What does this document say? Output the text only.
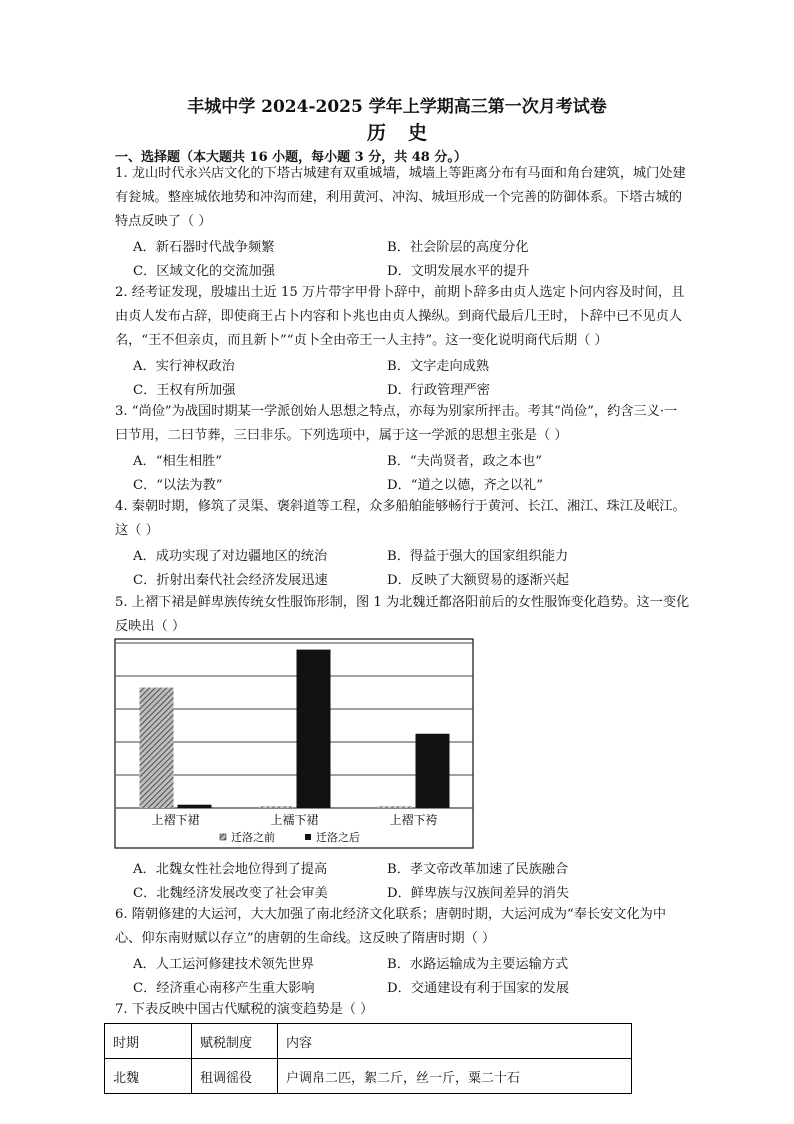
丰城中学 2024-2025 学年上学期高三第一次月考试卷
历史
一、选择题（本大题共 16 小题，每小题 3 分，共 48 分。）
1. 龙山时代永兴店文化的下塔古城建有双重城墙，城墙上等距离分布有马面和角台建筑，城门处建有瓮城。整座城依地势和冲沟而建，利用黄河、冲沟、城垣形成一个完善的防御体系。下塔古城的特点反映了（ ）
A．新石器时代战争频繁	B．社会阶层的高度分化
C．区域文化的交流加强	D．文明发展水平的提升
2. 经考证发现，殷墟出土近 15 万片带字甲骨卜辞中，前期卜辞多由贞人选定卜问内容及时间，且由贞人发布占辞，即使商王占卜内容和卜兆也由贞人操纵。到商代最后几王时，卜辞中已不见贞人名，“王不但亲贞，而且新卜”“贞卜全由帝王一人主持”。这一变化说明商代后期（ ）
A．实行神权政治	B．文字走向成熟
C．王权有所加强	D．行政管理严密
3. “尚俭”为战国时期某一学派创始人思想之特点，亦每为别家所抨击。考其“尚俭”，约含三义·一曰节用，二曰节葬，三曰非乐。下列选项中，属于这一学派的思想主张是（ ）
A．“相生相胜”	B．“夫尚贤者，政之本也”
C．“以法为教”	D．“道之以德，齐之以礼”
4. 秦朝时期，修筑了灵渠、褒斜道等工程，众多船舶能够畅行于黄河、长江、湘江、珠江及岷江。这（ ）
A．成功实现了对边疆地区的统治	B．得益于强大的国家组织能力
C．折射出秦代社会经济发展迅速	D．反映了大额贸易的逐渐兴起
5. 上褶下裙是鲜卑族传统女性服饰形制，图 1 为北魏迁都洛阳前后的女性服饰变化趋势。这一变化反映出（ ）
上褶下裙	上襦下裙	上褶下袴
迁洛之前	迁洛之后
A．北魏女性社会地位得到了提高	B．孝文帝改革加速了民族融合
C．北魏经济发展改变了社会审美	D．鲜卑族与汉族间差异的消失
6. 隋朝修建的大运河，大大加强了南北经济文化联系；唐朝时期，大运河成为“奉长安文化为中心、仰东南财赋以存立”的唐朝的生命线。这反映了隋唐时期（ ）
A．人工运河修建技术领先世界	B．水路运输成为主要运输方式
C．经济重心南移产生重大影响	D．交通建设有利于国家的发展
7. 下表反映中国古代赋税的演变趋势是（ ）
时期	赋税制度	内容
北魏	租调徭役	户调帛二匹，絮二斤，丝一斤，粟二十石
